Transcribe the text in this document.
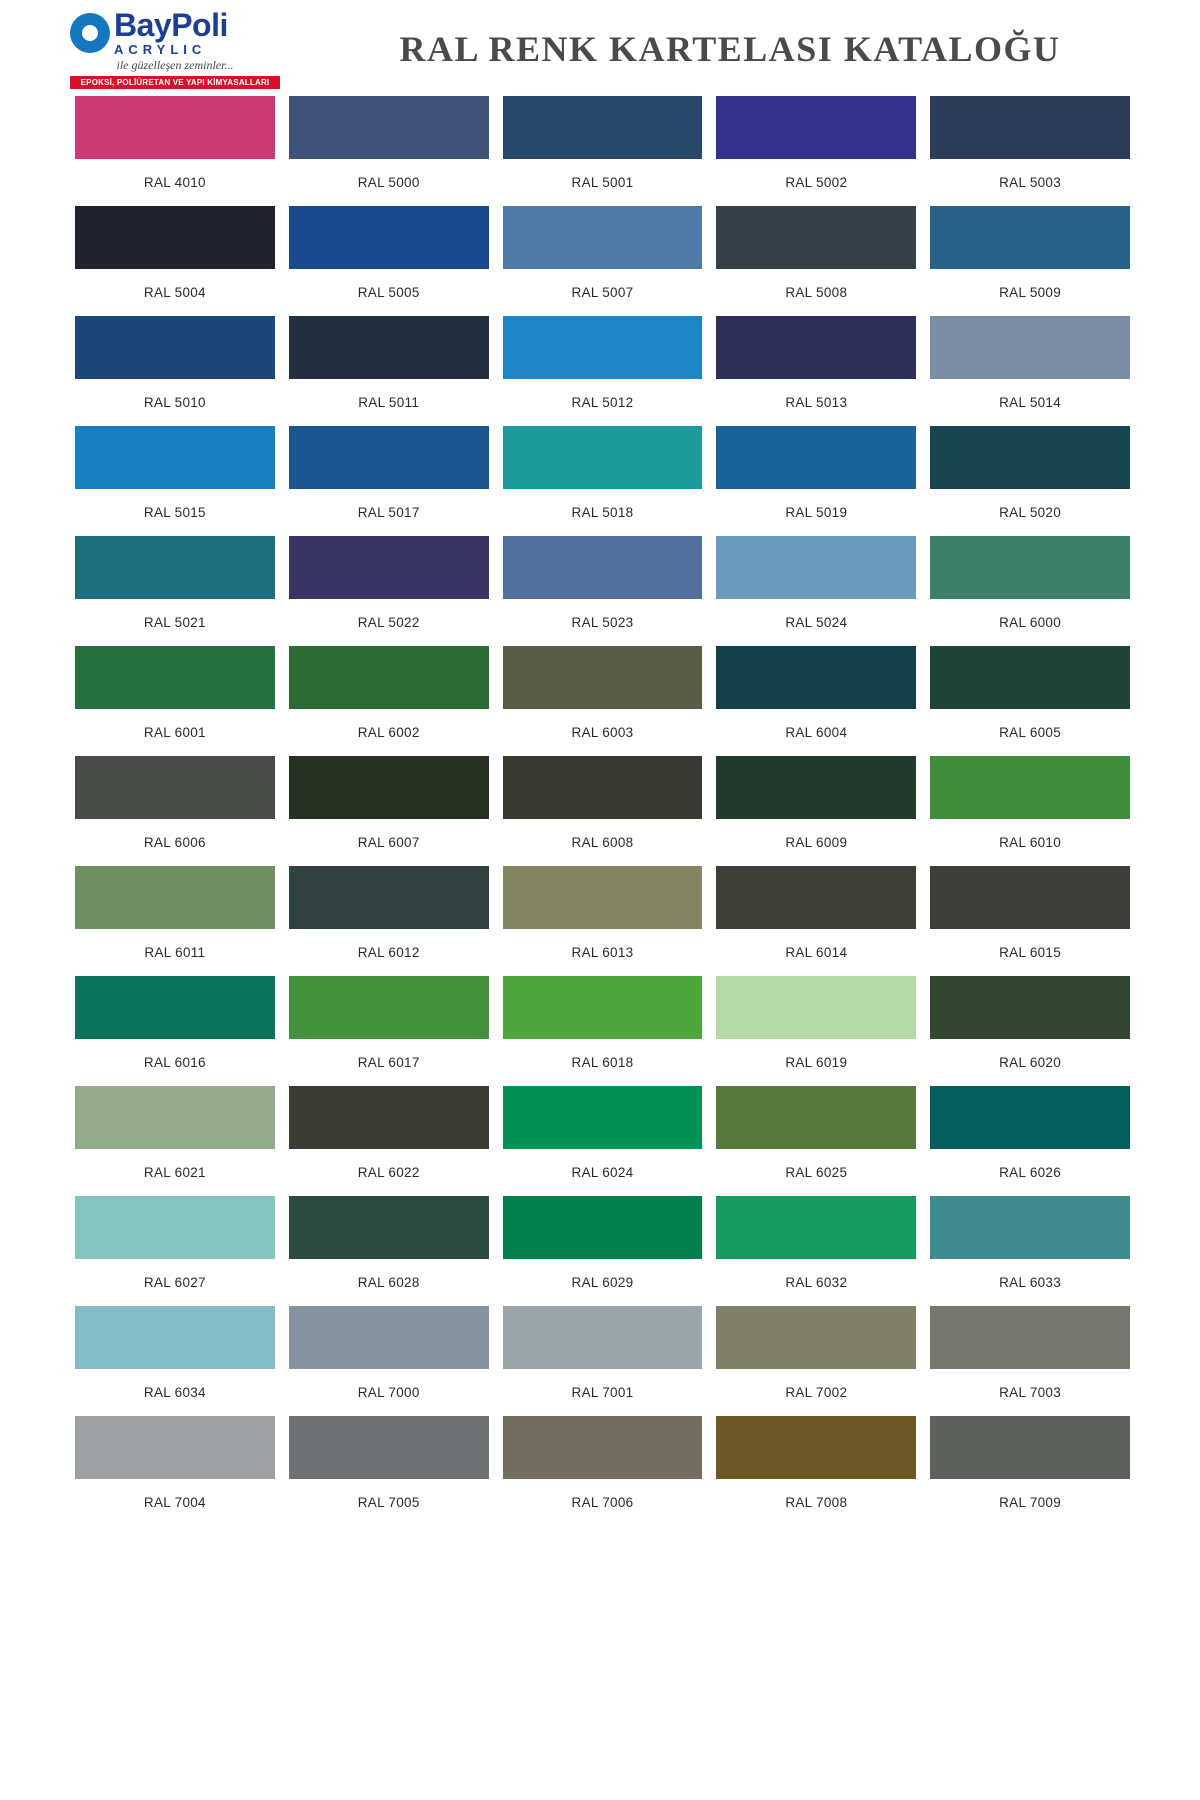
BayPoli
ACRYLIC
ile güzelleşen zeminler...
EPOKSİ, POLİÜRETAN VE YAPI KİMYASALLARI
RAL RENK KARTELASI KATALOĞU
RAL 4010	RAL 5000	RAL 5001	RAL 5002	RAL 5003
RAL 5004	RAL 5005	RAL 5007	RAL 5008	RAL 5009
RAL 5010	RAL 5011	RAL 5012	RAL 5013	RAL 5014
RAL 5015	RAL 5017	RAL 5018	RAL 5019	RAL 5020
RAL 5021	RAL 5022	RAL 5023	RAL 5024	RAL 6000
RAL 6001	RAL 6002	RAL 6003	RAL 6004	RAL 6005
RAL 6006	RAL 6007	RAL 6008	RAL 6009	RAL 6010
RAL 6011	RAL 6012	RAL 6013	RAL 6014	RAL 6015
RAL 6016	RAL 6017	RAL 6018	RAL 6019	RAL 6020
RAL 6021	RAL 6022	RAL 6024	RAL 6025	RAL 6026
RAL 6027	RAL 6028	RAL 6029	RAL 6032	RAL 6033
RAL 6034	RAL 7000	RAL 7001	RAL 7002	RAL 7003
RAL 7004	RAL 7005	RAL 7006	RAL 7008	RAL 7009
